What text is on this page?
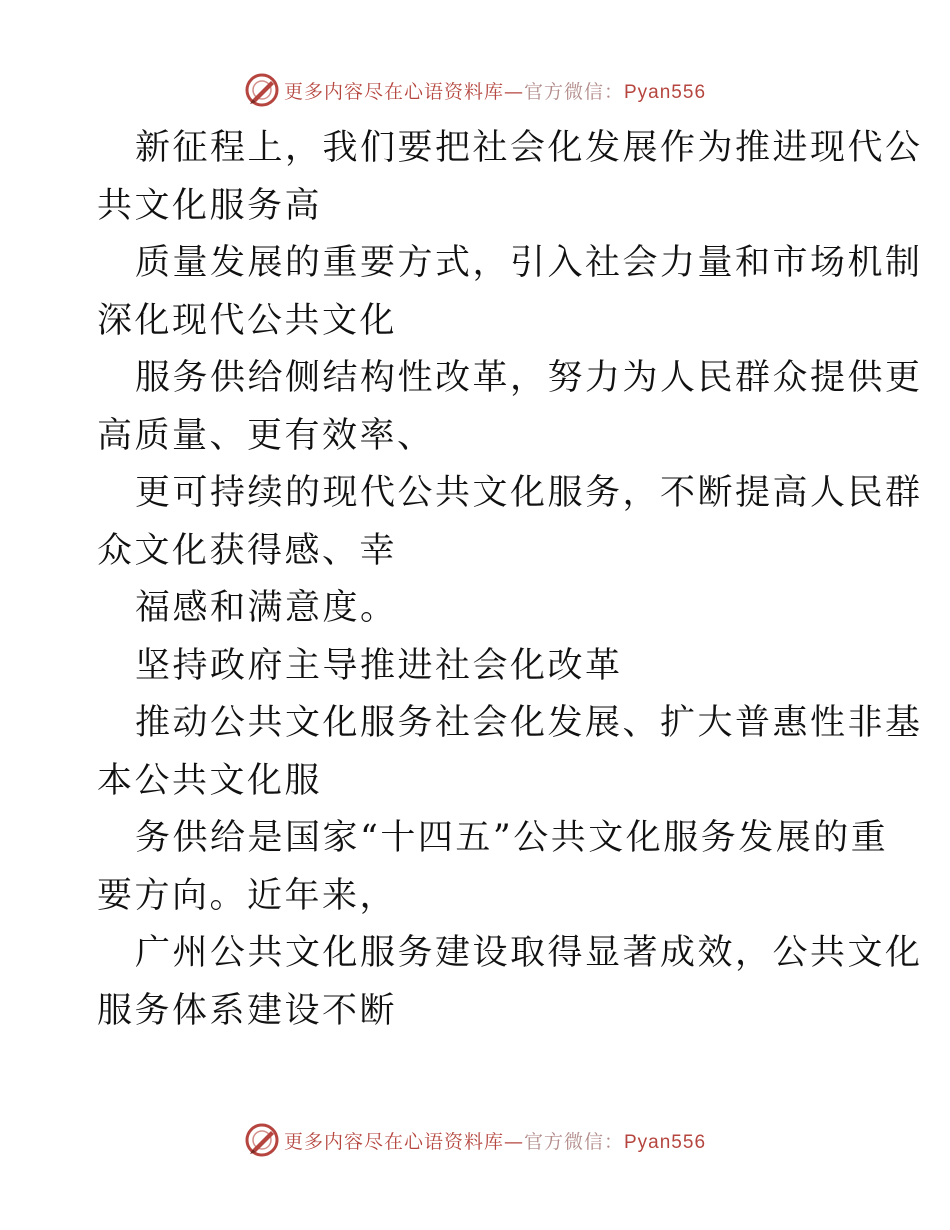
更多内容尽在心语资料库—官方微信：Pyan556
新征程上，我们要把社会化发展作为推进现代公
共文化服务高
质量发展的重要方式，引入社会力量和市场机制
深化现代公共文化
服务供给侧结构性改革，努力为人民群众提供更
高质量、更有效率、
更可持续的现代公共文化服务，不断提高人民群
众文化获得感、幸
福感和满意度。
坚持政府主导推进社会化改革
推动公共文化服务社会化发展、扩大普惠性非基
本公共文化服
务供给是国家“十四五”公共文化服务发展的重
要方向。近年来，
广州公共文化服务建设取得显著成效，公共文化
服务体系建设不断
更多内容尽在心语资料库—官方微信：Pyan556
